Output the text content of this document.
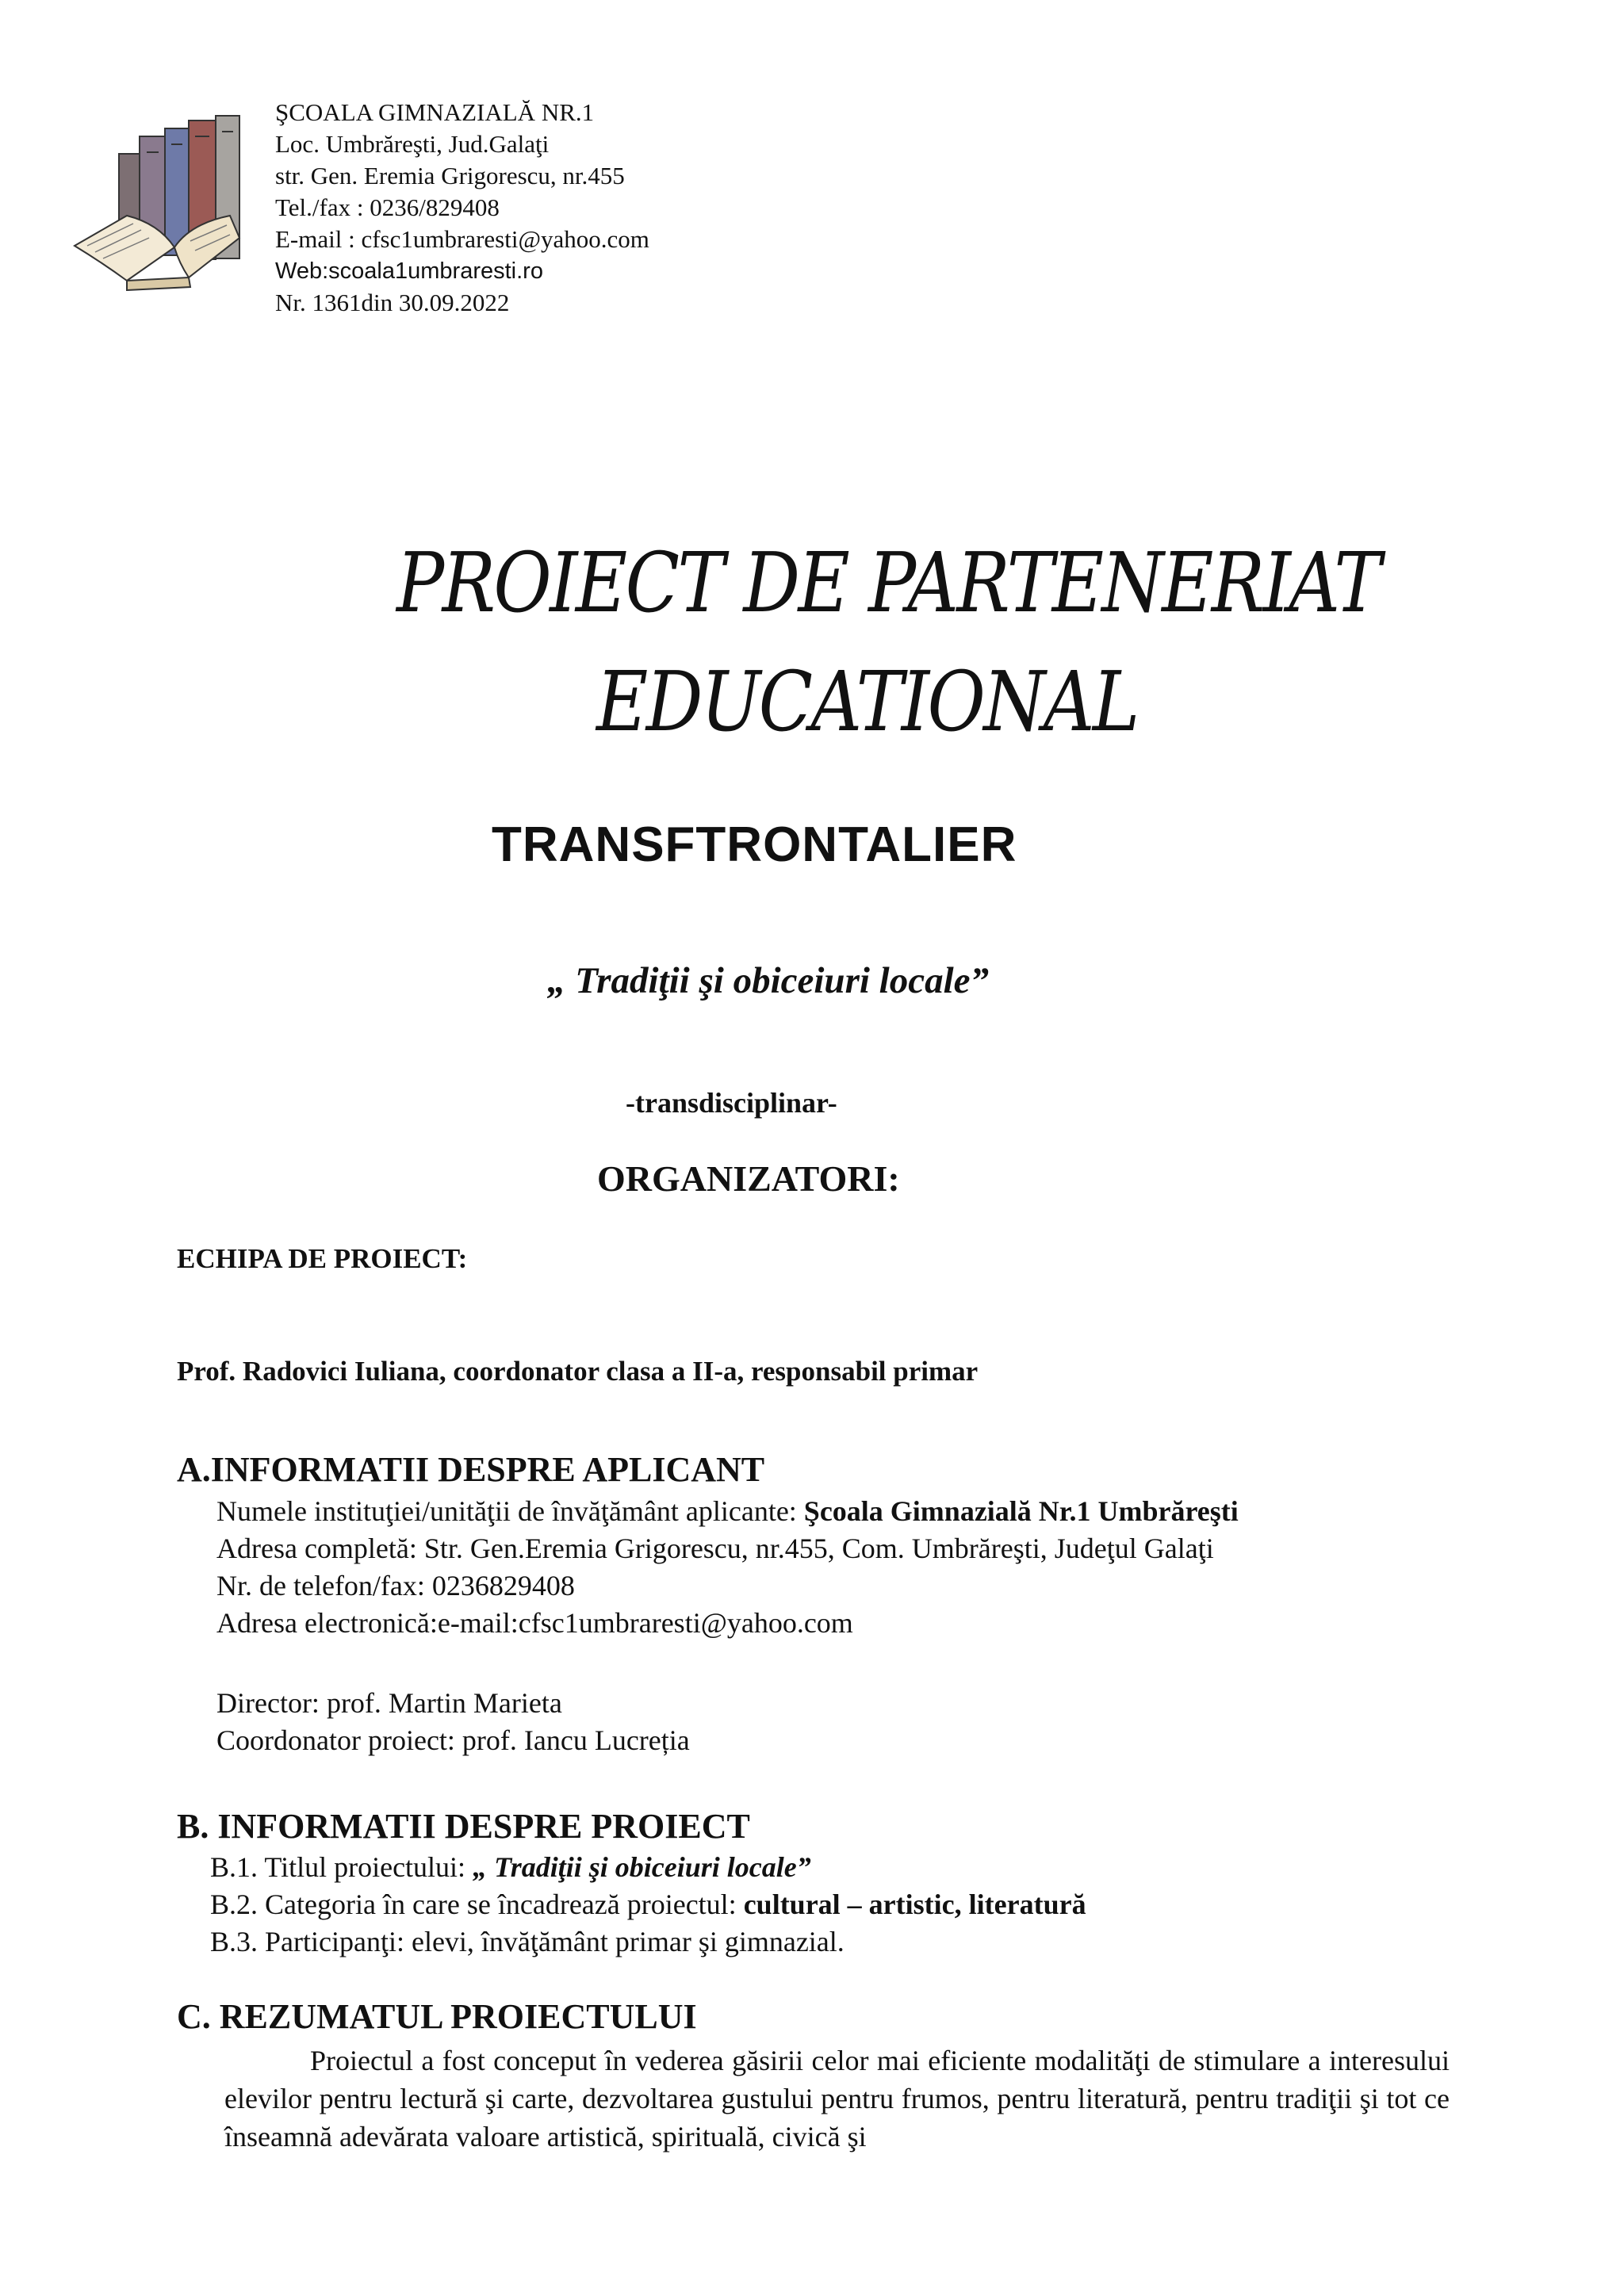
ŞCOALA GIMNAZIALĂ NR.1
Loc. Umbrăreşti, Jud.Galaţi
str. Gen. Eremia Grigorescu, nr.455
Tel./fax : 0236/829408
E-mail : cfsc1umbraresti@yahoo.com
Web:scoala1umbraresti.ro
Nr. 1361din 30.09.2022
PROIECT DE PARTENERIAT
EDUCATIONAL
TRANSFTRONTALIER
„ Tradiţii şi obiceiuri locale”
-transdisciplinar-
ORGANIZATORI:
ECHIPA DE PROIECT:
Prof. Radovici Iuliana, coordonator clasa a II-a, responsabil primar
A.INFORMATII DESPRE APLICANT
Numele instituţiei/unităţii de învăţământ aplicante: Şcoala Gimnazială Nr.1 Umbrăreşti
Adresa completă: Str. Gen.Eremia Grigorescu, nr.455, Com. Umbrăreşti, Judeţul Galaţi
Nr. de telefon/fax: 0236829408
Adresa electronică:e-mail:cfsc1umbraresti@yahoo.com
Director: prof. Martin Marieta
Coordonator proiect: prof. Iancu Lucreția
B. INFORMATII DESPRE PROIECT
B.1. Titlul proiectului: „ Tradiţii şi obiceiuri locale”
B.2. Categoria în care se încadrează proiectul: cultural – artistic, literatură
B.3. Participanţi: elevi, învăţământ primar şi gimnazial.
C. REZUMATUL PROIECTULUI

Proiectul a fost conceput în vederea găsirii celor mai eficiente modalităţi de stimulare a interesului elevilor pentru lectură şi carte, dezvoltarea gustului pentru frumos, pentru literatură, pentru tradiţii şi tot ce înseamnă adevărata valoare artistică, spirituală, civică şi
